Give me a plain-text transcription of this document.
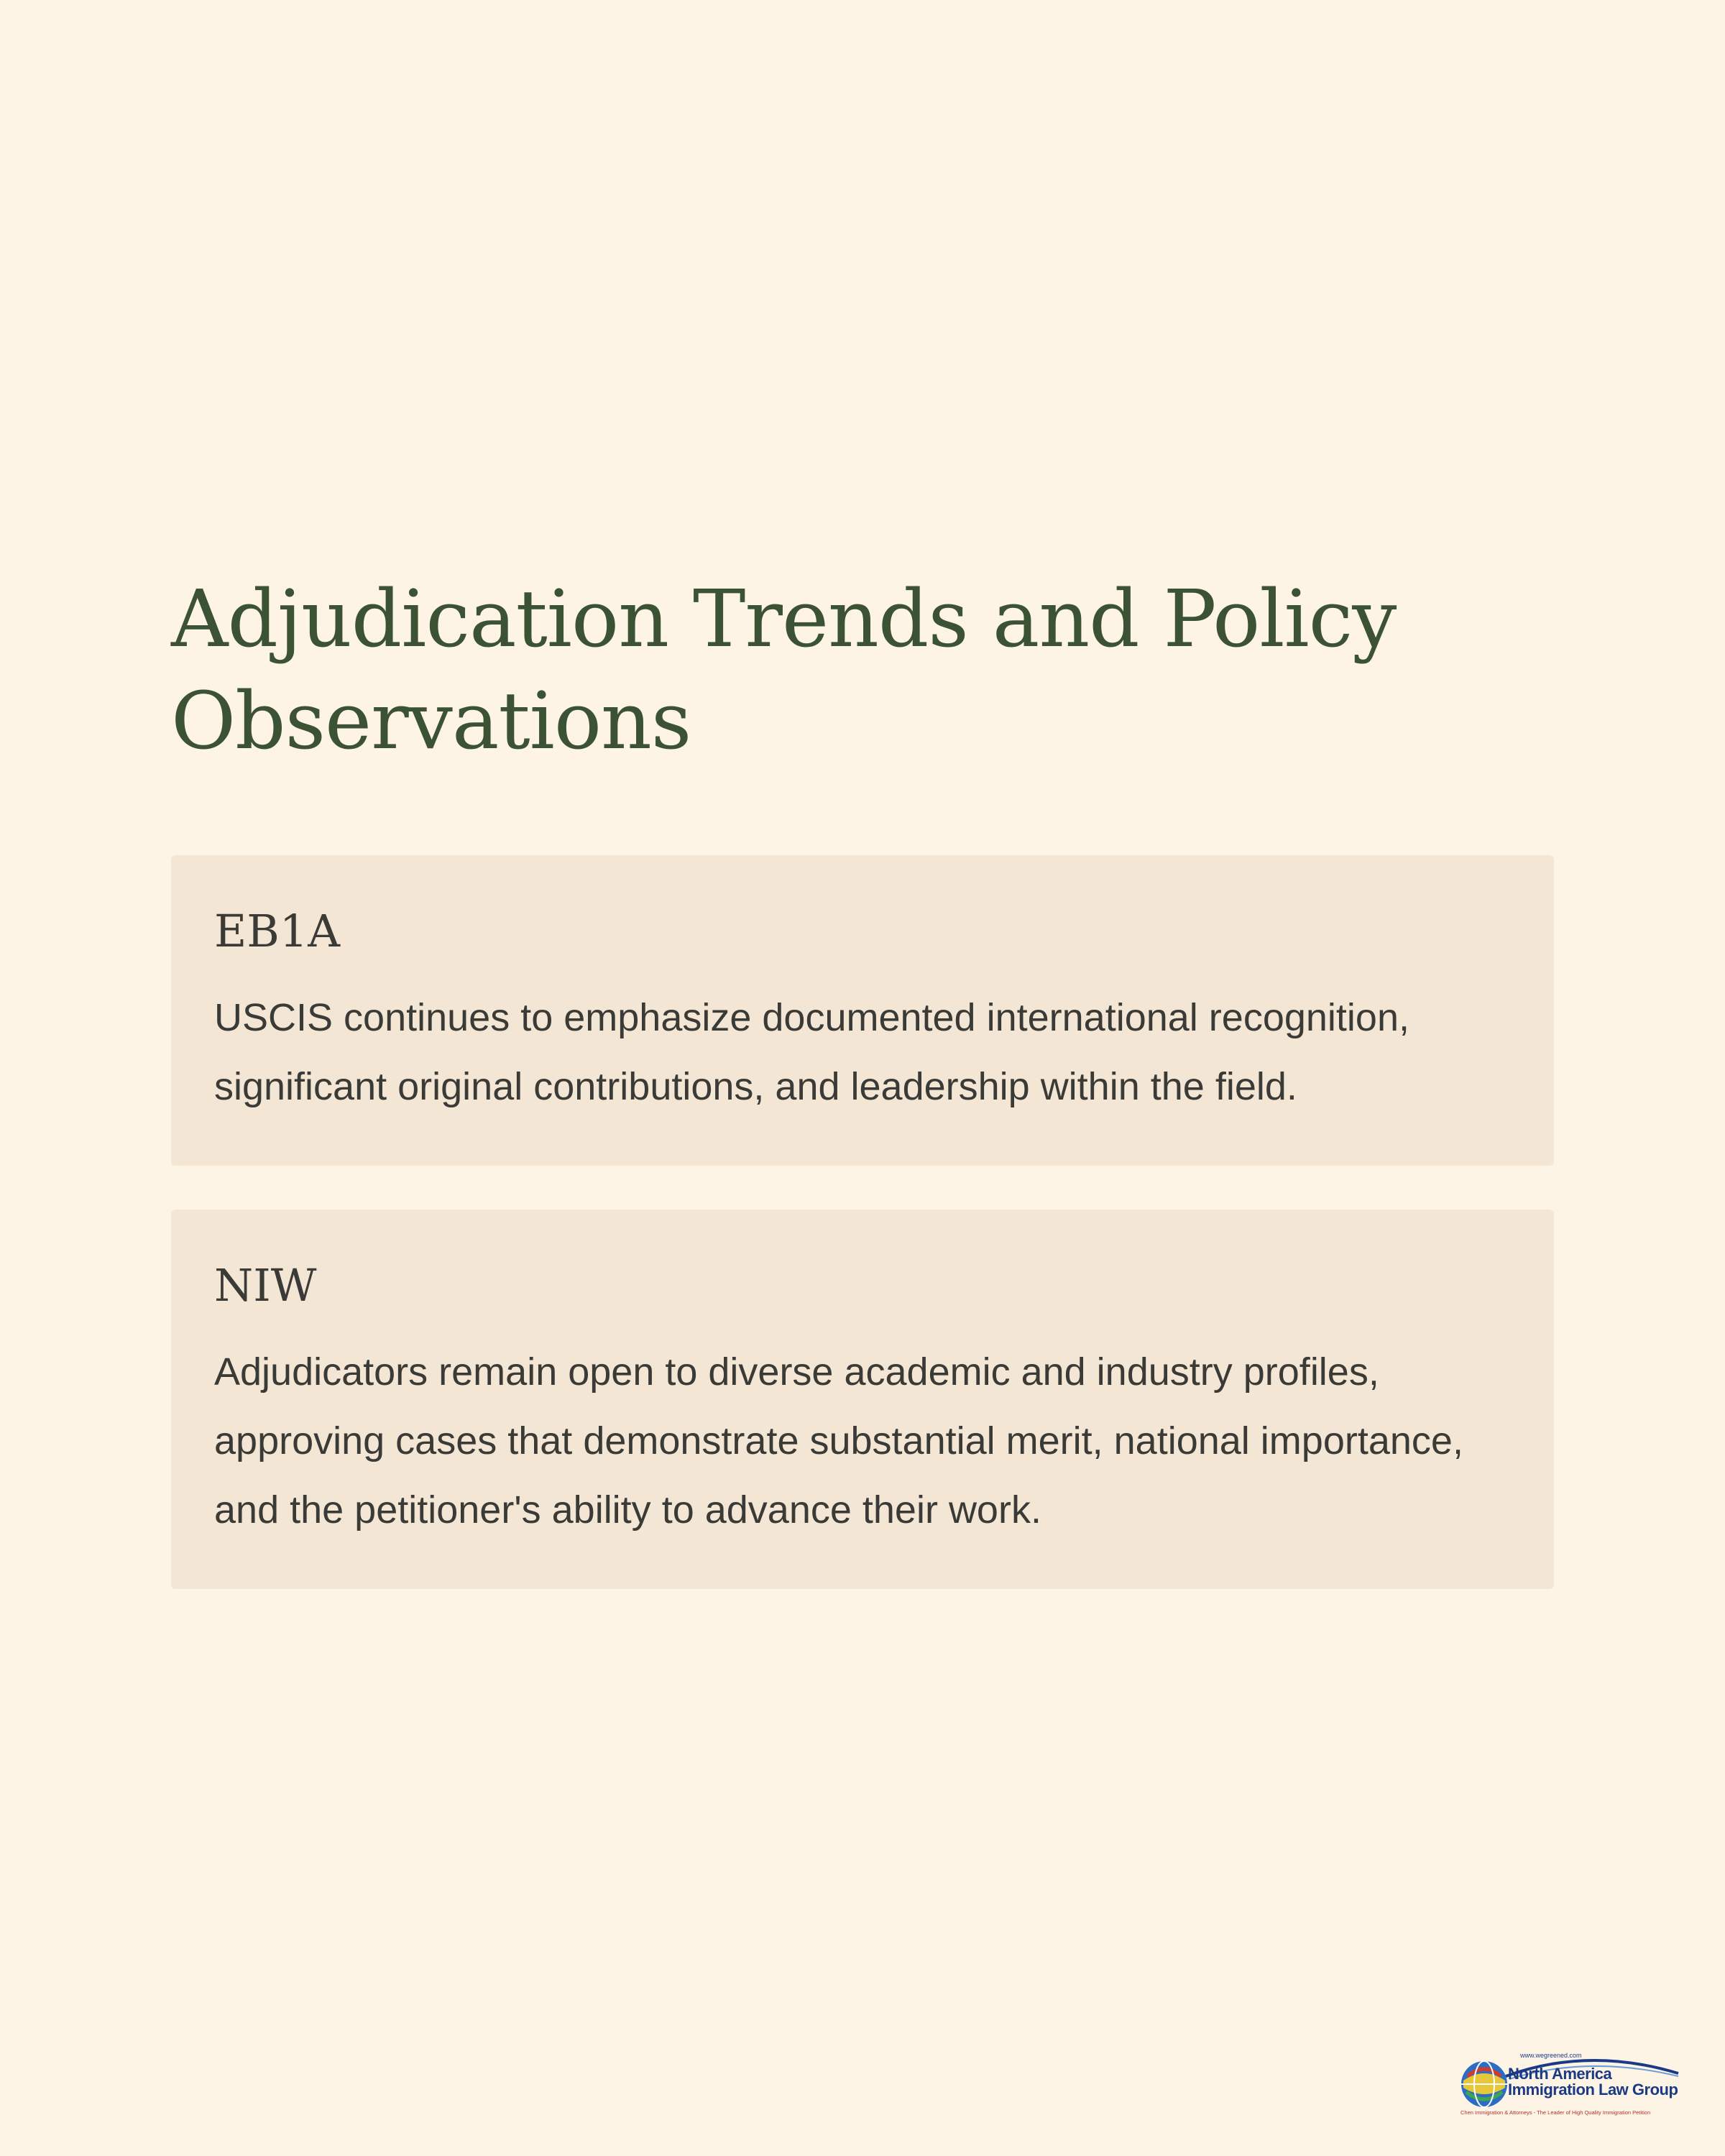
Adjudication Trends and Policy Observations
EB1A

USCIS continues to emphasize documented international recognition, significant original contributions, and leadership within the field.

NIW

Adjudicators remain open to diverse academic and industry profiles, approving cases that demonstrate substantial merit, national importance, and the petitioner's ability to advance their work.

www.wegreened.com
North America
Immigration Law Group
Chen Immigration & Attorneys - The Leader of High Quality Immigration Petition
